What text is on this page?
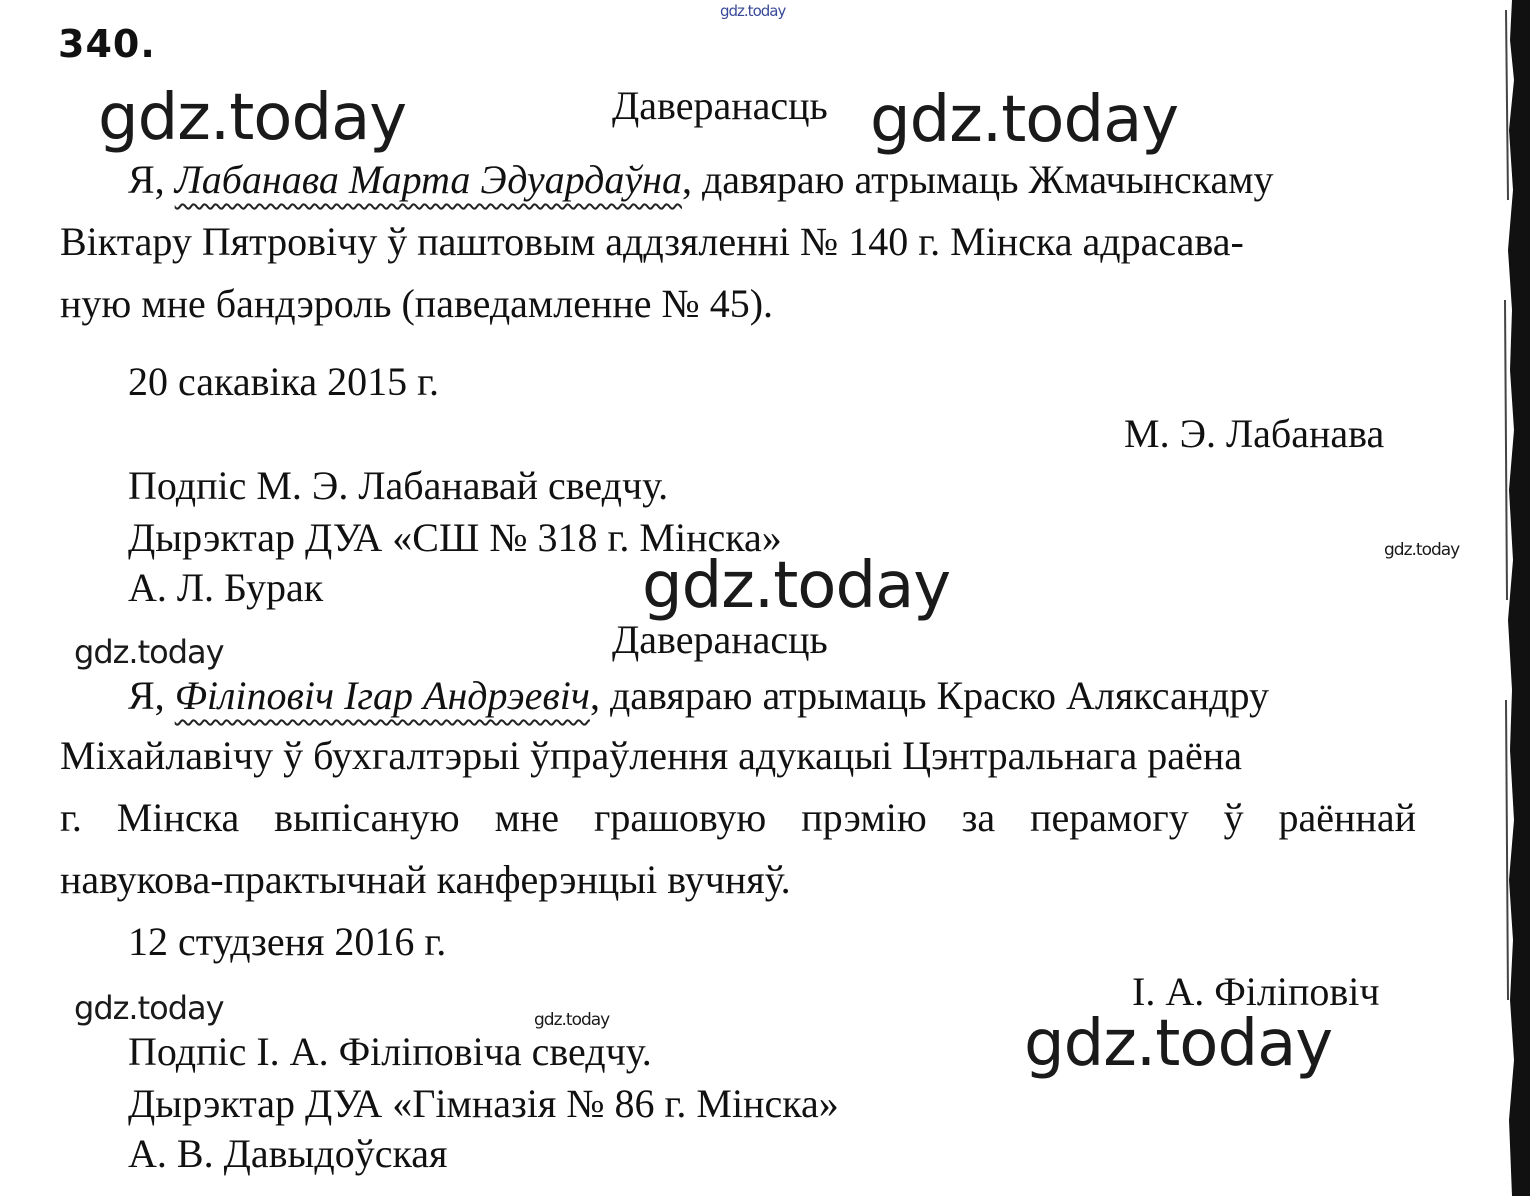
gdz.today
340.
gdz.today	Даверанасць gdz.today
Я, Лабанава Марта Эдуардаўна, давяраю атрымаць Жмачынскаму
Віктару Пятровічу ў паштовым аддзяленні № 140 г. Мінска адрасава-
ную мне бандэроль (паведамленне № 45).
20 сакавіка 2015 г.
М. Э. Лабанава
Подпіс М. Э. Лабанавай сведчу.
Дырэктар ДУА «СШ № 318 г. Мінска»	gdz.today
А. Л. Бурак	gdz.today
gdz.today	Даверанасць
Я, Філіповіч Ігар Андрэевіч, давяраю атрымаць Краско Аляксандру
Міхайлавічу ў бухгалтэрыі ўпраўлення адукацыі Цэнтральнага раёна
г. Мінска выпісаную мне грашовую прэмію за перамогу ў раённай
навукова-практычнай канферэнцыі вучняў.
12 студзеня 2016 г.
І. А. Філіповіч
gdz.today	gdz.today	gdz.today
Подпіс І. А. Філіповіча сведчу.
Дырэктар ДУА «Гімназія № 86 г. Мінска»
А. В. Давыдоўская
